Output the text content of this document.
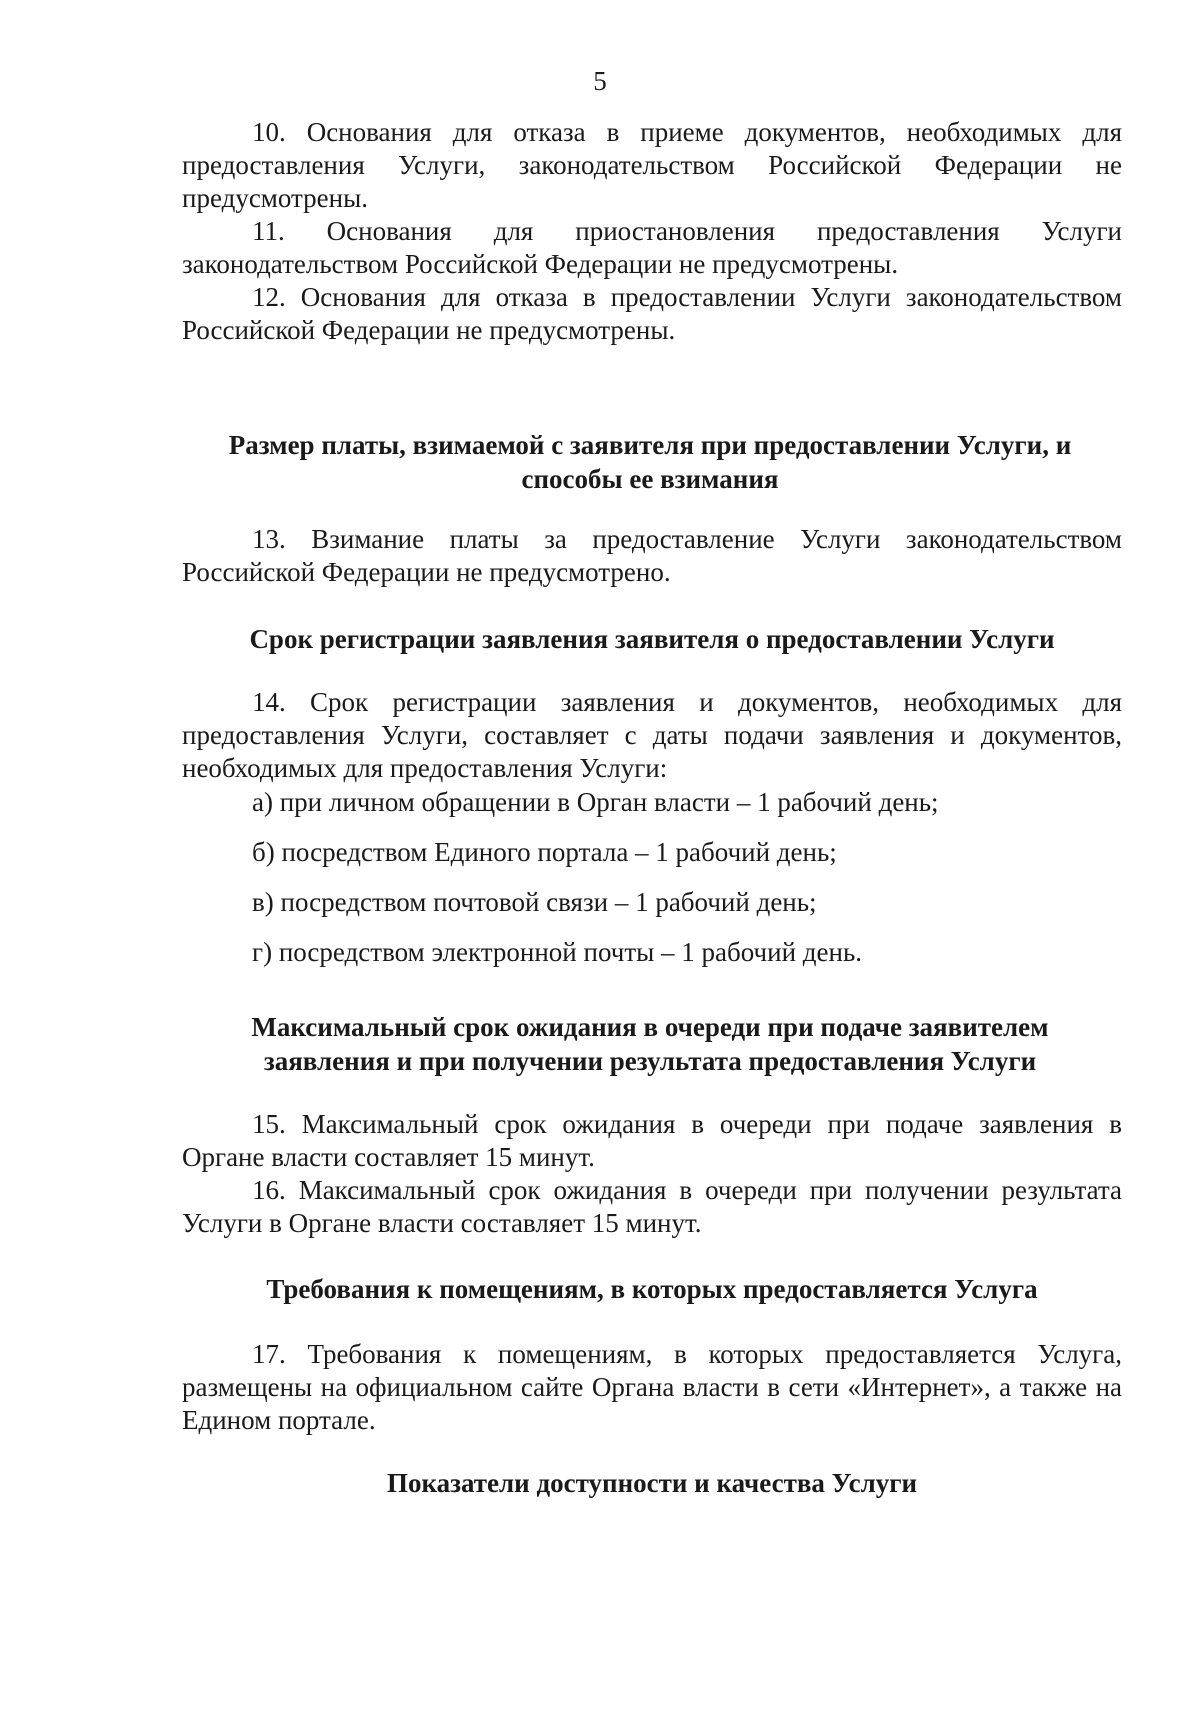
5

10. Основания для отказа в приеме документов, необходимых для предоставления Услуги, законодательством Российской Федерации не предусмотрены.

11. Основания для приостановления предоставления Услуги законодательством Российской Федерации не предусмотрены.

12. Основания для отказа в предоставлении Услуги законодательством Российской Федерации не предусмотрены.

Размер платы, взимаемой с заявителя при предоставлении Услуги, и способы ее взимания

13. Взимание платы за предоставление Услуги законодательством Российской Федерации не предусмотрено.

Срок регистрации заявления заявителя о предоставлении Услуги

14. Срок регистрации заявления и документов, необходимых для предоставления Услуги, составляет с даты подачи заявления и документов, необходимых для предоставления Услуги:

а) при личном обращении в Орган власти – 1 рабочий день;

б) посредством Единого портала – 1 рабочий день;

в) посредством почтовой связи – 1 рабочий день;

г) посредством электронной почты – 1 рабочий день.

Максимальный срок ожидания в очереди при подаче заявителем заявления и при получении результата предоставления Услуги

15. Максимальный срок ожидания в очереди при подаче заявления в Органе власти составляет 15 минут.

16. Максимальный срок ожидания в очереди при получении результата Услуги в Органе власти составляет 15 минут.

Требования к помещениям, в которых предоставляется Услуга

17. Требования к помещениям, в которых предоставляется Услуга, размещены на официальном сайте Органа власти в сети «Интернет», а также на Едином портале.

Показатели доступности и качества Услуги
